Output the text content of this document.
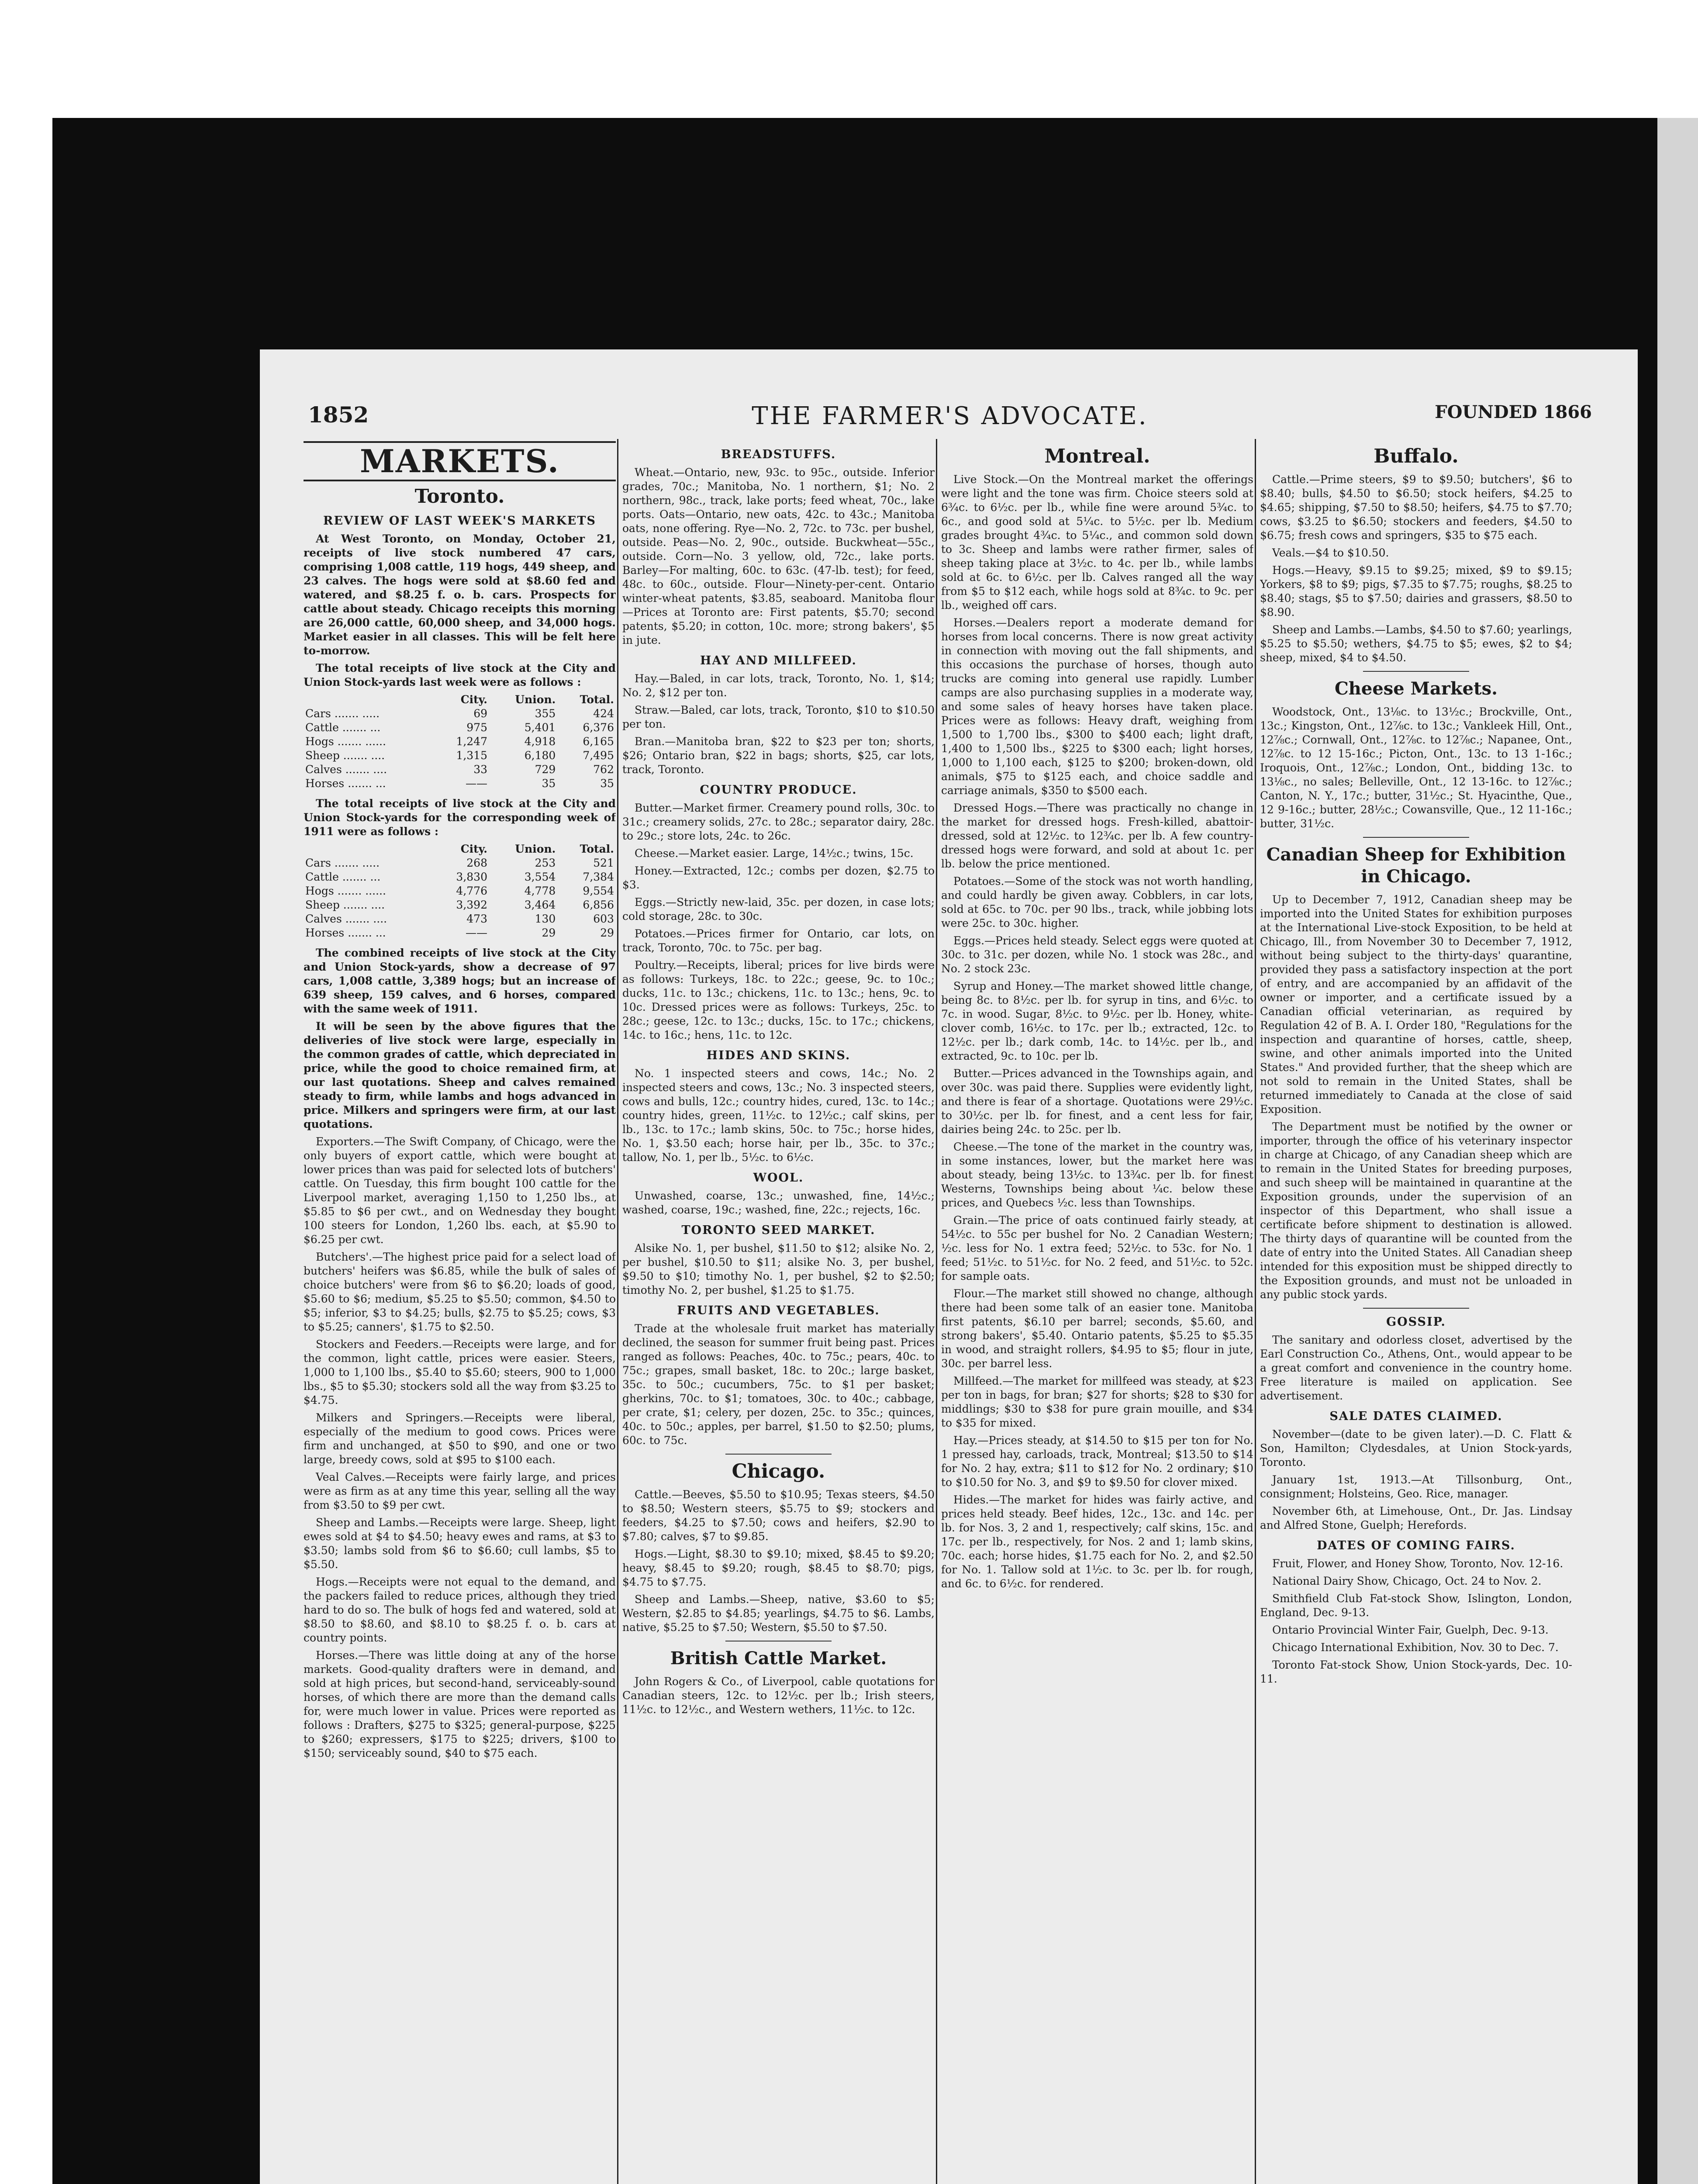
1852	THE FARMER'S ADVOCATE.	FOUNDED 1866
MARKETS.
Toronto.
REVIEW OF LAST WEEK'S MARKETS

At West Toronto, on Monday, October 21, receipts of live stock numbered 47 cars, comprising 1,008 cattle, 119 hogs, 449 sheep, and 23 calves. The hogs were sold at $8.60 fed and watered, and $8.25 f. o. b. cars. Prospects for cattle about steady. Chicago receipts this morning are 26,000 cattle, 60,000 sheep, and 34,000 hogs. Market easier in all classes. This will be felt here to-morrow.

The total receipts of live stock at the City and Union Stock-yards last week were as follows :

	City.	Union.	Total.
Cars ....... .....	69	355	424
Cattle ....... ...	975	5,401	6,376
Hogs ....... ......	1,247	4,918	6,165
Sheep ....... ....	1,315	6,180	7,495
Calves ....... ....	33	729	762
Horses ....... ...	——	35	35

The total receipts of live stock at the City and Union Stock-yards for the corresponding week of 1911 were as follows :

	City.	Union.	Total.
Cars ....... .....	268	253	521
Cattle ....... ...	3,830	3,554	7,384
Hogs ....... ......	4,776	4,778	9,554
Sheep ....... ....	3,392	3,464	6,856
Calves ....... ....	473	130	603
Horses ....... ...	——	29	29

The combined receipts of live stock at the City and Union Stock-yards, show a decrease of 97 cars, 1,008 cattle, 3,389 hogs; but an increase of 639 sheep, 159 calves, and 6 horses, compared with the same week of 1911.

It will be seen by the above figures that the deliveries of live stock were large, especially in the common grades of cattle, which depreciated in price, while the good to choice remained firm, at our last quotations. Sheep and calves remained steady to firm, while lambs and hogs advanced in price. Milkers and springers were firm, at our last quotations.

Exporters.—The Swift Company, of Chicago, were the only buyers of export cattle, which were bought at lower prices than was paid for selected lots of butchers' cattle. On Tuesday, this firm bought 100 cattle for the Liverpool market, averaging 1,150 to 1,250 lbs., at $5.85 to $6 per cwt., and on Wednesday they bought 100 steers for London, 1,260 lbs. each, at $5.90 to $6.25 per cwt.

Butchers'.—The highest price paid for a select load of butchers' heifers was $6.85, while the bulk of sales of choice butchers' were from $6 to $6.20; loads of good, $5.60 to $6; medium, $5.25 to $5.50; common, $4.50 to $5; inferior, $3 to $4.25; bulls, $2.75 to $5.25; cows, $3 to $5.25; canners', $1.75 to $2.50.

Stockers and Feeders.—Receipts were large, and for the common, light cattle, prices were easier. Steers, 1,000 to 1,100 lbs., $5.40 to $5.60; steers, 900 to 1,000 lbs., $5 to $5.30; stockers sold all the way from $3.25 to $4.75.

Milkers and Springers.—Receipts were liberal, especially of the medium to good cows. Prices were firm and unchanged, at $50 to $90, and one or two large, breedy cows, sold at $95 to $100 each.

Veal Calves.—Receipts were fairly large, and prices were as firm as at any time this year, selling all the way from $3.50 to $9 per cwt.

Sheep and Lambs.—Receipts were large. Sheep, light ewes sold at $4 to $4.50; heavy ewes and rams, at $3 to $3.50; lambs sold from $6 to $6.60; cull lambs, $5 to $5.50.

Hogs.—Receipts were not equal to the demand, and the packers failed to reduce prices, although they tried hard to do so. The bulk of hogs fed and watered, sold at $8.50 to $8.60, and $8.10 to $8.25 f. o. b. cars at country points.

Horses.—There was little doing at any of the horse markets. Good-quality drafters were in demand, and sold at high prices, but second-hand, serviceably-sound horses, of which there are more than the demand calls for, were much lower in value. Prices were reported as follows : Drafters, $275 to $325; general-purpose, $225 to $260; expressers, $175 to $225; drivers, $100 to $150; serviceably sound, $40 to $75 each.

BREADSTUFFS.

Wheat.—Ontario, new, 93c. to 95c., outside. Inferior grades, 70c.; Manitoba, No. 1 northern, $1; No. 2 northern, 98c., track, lake ports; feed wheat, 70c., lake ports. Oats—Ontario, new oats, 42c. to 43c.; Manitoba oats, none offering. Rye—No. 2, 72c. to 73c. per bushel, outside. Peas—No. 2, 90c., outside. Buckwheat—55c., outside. Corn—No. 3 yellow, old, 72c., lake ports. Barley—For malting, 60c. to 63c. (47-lb. test); for feed, 48c. to 60c., outside. Flour—Ninety-per-cent. Ontario winter-wheat patents, $3.85, seaboard. Manitoba flour—Prices at Toronto are: First patents, $5.70; second patents, $5.20; in cotton, 10c. more; strong bakers', $5 in jute.

HAY AND MILLFEED.

Hay.—Baled, in car lots, track, Toronto, No. 1, $14; No. 2, $12 per ton.

Straw.—Baled, car lots, track, Toronto, $10 to $10.50 per ton.

Bran.—Manitoba bran, $22 to $23 per ton; shorts, $26; Ontario bran, $22 in bags; shorts, $25, car lots, track, Toronto.

COUNTRY PRODUCE.

Butter.—Market firmer. Creamery pound rolls, 30c. to 31c.; creamery solids, 27c. to 28c.; separator dairy, 28c. to 29c.; store lots, 24c. to 26c.

Cheese.—Market easier. Large, 14½c.; twins, 15c.

Honey.—Extracted, 12c.; combs per dozen, $2.75 to $3.

Eggs.—Strictly new-laid, 35c. per dozen, in case lots; cold storage, 28c. to 30c.

Potatoes.—Prices firmer for Ontario, car lots, on track, Toronto, 70c. to 75c. per bag.

Poultry.—Receipts, liberal; prices for live birds were as follows: Turkeys, 18c. to 22c.; geese, 9c. to 10c.; ducks, 11c. to 13c.; chickens, 11c. to 13c.; hens, 9c. to 10c. Dressed prices were as follows: Turkeys, 25c. to 28c.; geese, 12c. to 13c.; ducks, 15c. to 17c.; chickens, 14c. to 16c.; hens, 11c. to 12c.

HIDES AND SKINS.

No. 1 inspected steers and cows, 14c.; No. 2 inspected steers and cows, 13c.; No. 3 inspected steers, cows and bulls, 12c.; country hides, cured, 13c. to 14c.; country hides, green, 11½c. to 12½c.; calf skins, per lb., 13c. to 17c.; lamb skins, 50c. to 75c.; horse hides, No. 1, $3.50 each; horse hair, per lb., 35c. to 37c.; tallow, No. 1, per lb., 5½c. to 6½c.

WOOL.

Unwashed, coarse, 13c.; unwashed, fine, 14½c.; washed, coarse, 19c.; washed, fine, 22c.; rejects, 16c.

TORONTO SEED MARKET.

Alsike No. 1, per bushel, $11.50 to $12; alsike No. 2, per bushel, $10.50 to $11; alsike No. 3, per bushel, $9.50 to $10; timothy No. 1, per bushel, $2 to $2.50; timothy No. 2, per bushel, $1.25 to $1.75.

FRUITS AND VEGETABLES.

Trade at the wholesale fruit market has materially declined, the season for summer fruit being past. Prices ranged as follows: Peaches, 40c. to 75c.; pears, 40c. to 75c.; grapes, small basket, 18c. to 20c.; large basket, 35c. to 50c.; cucumbers, 75c. to $1 per basket; gherkins, 70c. to $1; tomatoes, 30c. to 40c.; cabbage, per crate, $1; celery, per dozen, 25c. to 35c.; quinces, 40c. to 50c.; apples, per barrel, $1.50 to $2.50; plums, 60c. to 75c.

Chicago.

Cattle.—Beeves, $5.50 to $10.95; Texas steers, $4.50 to $8.50; Western steers, $5.75 to $9; stockers and feeders, $4.25 to $7.50; cows and heifers, $2.90 to $7.80; calves, $7 to $9.85.

Hogs.—Light, $8.30 to $9.10; mixed, $8.45 to $9.20; heavy, $8.45 to $9.20; rough, $8.45 to $8.70; pigs, $4.75 to $7.75.

Sheep and Lambs.—Sheep, native, $3.60 to $5; Western, $2.85 to $4.85; yearlings, $4.75 to $6. Lambs, native, $5.25 to $7.50; Western, $5.50 to $7.50.

British Cattle Market.

John Rogers & Co., of Liverpool, cable quotations for Canadian steers, 12c. to 12½c. per lb.; Irish steers, 11½c. to 12½c., and Western wethers, 11½c. to 12c.

Montreal.

Live Stock.—On the Montreal market the offerings were light and the tone was firm. Choice steers sold at 6¾c. to 6½c. per lb., while fine were around 5¾c. to 6c., and good sold at 5¼c. to 5½c. per lb. Medium grades brought 4¾c. to 5¼c., and common sold down to 3c. Sheep and lambs were rather firmer, sales of sheep taking place at 3½c. to 4c. per lb., while lambs sold at 6c. to 6½c. per lb. Calves ranged all the way from $5 to $12 each, while hogs sold at 8¾c. to 9c. per lb., weighed off cars.

Horses.—Dealers report a moderate demand for horses from local concerns. There is now great activity in connection with moving out the fall shipments, and this occasions the purchase of horses, though auto trucks are coming into general use rapidly. Lumber camps are also purchasing supplies in a moderate way, and some sales of heavy horses have taken place. Prices were as follows: Heavy draft, weighing from 1,500 to 1,700 lbs., $300 to $400 each; light draft, 1,400 to 1,500 lbs., $225 to $300 each; light horses, 1,000 to 1,100 each, $125 to $200; broken-down, old animals, $75 to $125 each, and choice saddle and carriage animals, $350 to $500 each.

Dressed Hogs.—There was practically no change in the market for dressed hogs. Fresh-killed, abattoir-dressed, sold at 12½c. to 12¾c. per lb. A few country-dressed hogs were forward, and sold at about 1c. per lb. below the price mentioned.

Potatoes.—Some of the stock was not worth handling, and could hardly be given away. Cobblers, in car lots, sold at 65c. to 70c. per 90 lbs., track, while jobbing lots were 25c. to 30c. higher.

Eggs.—Prices held steady. Select eggs were quoted at 30c. to 31c. per dozen, while No. 1 stock was 28c., and No. 2 stock 23c.

Syrup and Honey.—The market showed little change, being 8c. to 8½c. per lb. for syrup in tins, and 6½c. to 7c. in wood. Sugar, 8½c. to 9½c. per lb. Honey, white-clover comb, 16½c. to 17c. per lb.; extracted, 12c. to 12½c. per lb.; dark comb, 14c. to 14½c. per lb., and extracted, 9c. to 10c. per lb.

Butter.—Prices advanced in the Townships again, and over 30c. was paid there. Supplies were evidently light, and there is fear of a shortage. Quotations were 29½c. to 30½c. per lb. for finest, and a cent less for fair, dairies being 24c. to 25c. per lb.

Cheese.—The tone of the market in the country was, in some instances, lower, but the market here was about steady, being 13½c. to 13¾c. per lb. for finest Westerns, Townships being about ¼c. below these prices, and Quebecs ½c. less than Townships.

Grain.—The price of oats continued fairly steady, at 54½c. to 55c per bushel for No. 2 Canadian Western; ½c. less for No. 1 extra feed; 52½c. to 53c. for No. 1 feed; 51½c. to 51½c. for No. 2 feed, and 51½c. to 52c. for sample oats.

Flour.—The market still showed no change, although there had been some talk of an easier tone. Manitoba first patents, $6.10 per barrel; seconds, $5.60, and strong bakers', $5.40. Ontario patents, $5.25 to $5.35 in wood, and straight rollers, $4.95 to $5; flour in jute, 30c. per barrel less.

Millfeed.—The market for millfeed was steady, at $23 per ton in bags, for bran; $27 for shorts; $28 to $30 for middlings; $30 to $38 for pure grain mouille, and $34 to $35 for mixed.

Hay.—Prices steady, at $14.50 to $15 per ton for No. 1 pressed hay, carloads, track, Montreal; $13.50 to $14 for No. 2 hay, extra; $11 to $12 for No. 2 ordinary; $10 to $10.50 for No. 3, and $9 to $9.50 for clover mixed.

Hides.—The market for hides was fairly active, and prices held steady. Beef hides, 12c., 13c. and 14c. per lb. for Nos. 3, 2 and 1, respectively; calf skins, 15c. and 17c. per lb., respectively, for Nos. 2 and 1; lamb skins, 70c. each; horse hides, $1.75 each for No. 2, and $2.50 for No. 1. Tallow sold at 1½c. to 3c. per lb. for rough, and 6c. to 6½c. for rendered.

Buffalo.

Cattle.—Prime steers, $9 to $9.50; butchers', $6 to $8.40; bulls, $4.50 to $6.50; stock heifers, $4.25 to $4.65; shipping, $7.50 to $8.50; heifers, $4.75 to $7.70; cows, $3.25 to $6.50; stockers and feeders, $4.50 to $6.75; fresh cows and springers, $35 to $75 each.

Veals.—$4 to $10.50.

Hogs.—Heavy, $9.15 to $9.25; mixed, $9 to $9.15; Yorkers, $8 to $9; pigs, $7.35 to $7.75; roughs, $8.25 to $8.40; stags, $5 to $7.50; dairies and grassers, $8.50 to $8.90.

Sheep and Lambs.—Lambs, $4.50 to $7.60; yearlings, $5.25 to $5.50; wethers, $4.75 to $5; ewes, $2 to $4; sheep, mixed, $4 to $4.50.

Cheese Markets.

Woodstock, Ont., 13⅛c. to 13½c.; Brockville, Ont., 13c.; Kingston, Ont., 12⅞c. to 13c.; Vankleek Hill, Ont., 12⅞c.; Cornwall, Ont., 12⅞c. to 12⅞c.; Napanee, Ont., 12⅞c. to 12 15-16c.; Picton, Ont., 13c. to 13 1-16c.; Iroquois, Ont., 12⅞c.; London, Ont., bidding 13c. to 13⅛c., no sales; Belleville, Ont., 12 13-16c. to 12⅞c.; Canton, N. Y., 17c.; butter, 31½c.; St. Hyacinthe, Que., 12 9-16c.; butter, 28½c.; Cowansville, Que., 12 11-16c.; butter, 31½c.

Canadian Sheep for Exhibition in Chicago.

Up to December 7, 1912, Canadian sheep may be imported into the United States for exhibition purposes at the International Live-stock Exposition, to be held at Chicago, Ill., from November 30 to December 7, 1912, without being subject to the thirty-days' quarantine, provided they pass a satisfactory inspection at the port of entry, and are accompanied by an affidavit of the owner or importer, and a certificate issued by a Canadian official veterinarian, as required by Regulation 42 of B. A. I. Order 180, "Regulations for the inspection and quarantine of horses, cattle, sheep, swine, and other animals imported into the United States." And provided further, that the sheep which are not sold to remain in the United States, shall be returned immediately to Canada at the close of said Exposition.

The Department must be notified by the owner or importer, through the office of his veterinary inspector in charge at Chicago, of any Canadian sheep which are to remain in the United States for breeding purposes, and such sheep will be maintained in quarantine at the Exposition grounds, under the supervision of an inspector of this Department, who shall issue a certificate before shipment to destination is allowed. The thirty days of quarantine will be counted from the date of entry into the United States. All Canadian sheep intended for this exposition must be shipped directly to the Exposition grounds, and must not be unloaded in any public stock yards.

GOSSIP.

The sanitary and odorless closet, advertised by the Earl Construction Co., Athens, Ont., would appear to be a great comfort and convenience in the country home. Free literature is mailed on application. See advertisement.

SALE DATES CLAIMED.

November—(date to be given later).—D. C. Flatt & Son, Hamilton; Clydesdales, at Union Stock-yards, Toronto.

January 1st, 1913.—At Tillsonburg, Ont., consignment; Holsteins, Geo. Rice, manager.

November 6th, at Limehouse, Ont., Dr. Jas. Lindsay and Alfred Stone, Guelph; Herefords.

DATES OF COMING FAIRS.

Fruit, Flower, and Honey Show, Toronto, Nov. 12-16.

National Dairy Show, Chicago, Oct. 24 to Nov. 2.

Smithfield Club Fat-stock Show, Islington, London, England, Dec. 9-13.

Ontario Provincial Winter Fair, Guelph, Dec. 9-13.

Chicago International Exhibition, Nov. 30 to Dec. 7.

Toronto Fat-stock Show, Union Stock-yards, Dec. 10-11.
